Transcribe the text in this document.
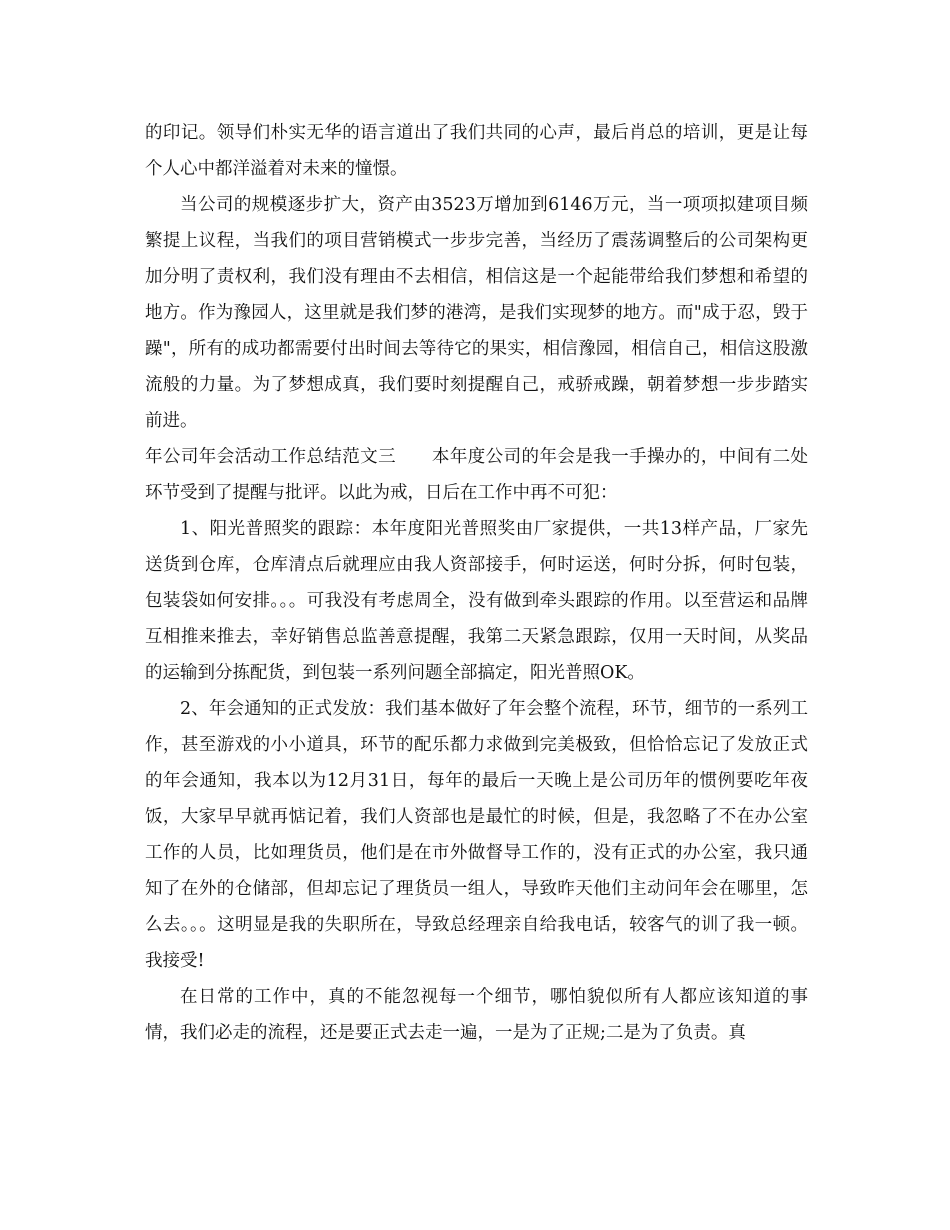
的印记。领导们朴实无华的语言道出了我们共同的心声，最后肖总的培训，更是让每个人心中都洋溢着对未来的憧憬。

当公司的规模逐步扩大，资产由3523万增加到6146万元，当一项项拟建项目频繁提上议程，当我们的项目营销模式一步步完善，当经历了震荡调整后的公司架构更加分明了责权利，我们没有理由不去相信，相信这是一个起能带给我们梦想和希望的地方。作为豫园人，这里就是我们梦的港湾，是我们实现梦的地方。而"成于忍，毁于躁"，所有的成功都需要付出时间去等待它的果实，相信豫园，相信自己，相信这股激流般的力量。为了梦想成真，我们要时刻提醒自己，戒骄戒躁，朝着梦想一步步踏实前进。

年公司年会活动工作总结范文三　　本年度公司的年会是我一手操办的，中间有二处环节受到了提醒与批评。以此为戒，日后在工作中再不可犯：

1、阳光普照奖的跟踪：本年度阳光普照奖由厂家提供，一共13样产品，厂家先送货到仓库，仓库清点后就理应由我人资部接手，何时运送，何时分拆，何时包装，包装袋如何安排。。。可我没有考虑周全，没有做到牵头跟踪的作用。以至营运和品牌互相推来推去，幸好销售总监善意提醒，我第二天紧急跟踪，仅用一天时间，从奖品的运输到分拣配货，到包装一系列问题全部搞定，阳光普照OK。

2、年会通知的正式发放：我们基本做好了年会整个流程，环节，细节的一系列工作，甚至游戏的小小道具，环节的配乐都力求做到完美极致，但恰恰忘记了发放正式的年会通知，我本以为12月31日，每年的最后一天晚上是公司历年的惯例要吃年夜饭，大家早早就再惦记着，我们人资部也是最忙的时候，但是，我忽略了不在办公室工作的人员，比如理货员，他们是在市外做督导工作的，没有正式的办公室，我只通知了在外的仓储部，但却忘记了理货员一组人，导致昨天他们主动问年会在哪里，怎么去。。。这明显是我的失职所在，导致总经理亲自给我电话，较客气的训了我一顿。我接受!

在日常的工作中，真的不能忽视每一个细节，哪怕貌似所有人都应该知道的事情，我们必走的流程，还是要正式去走一遍，一是为了正规;二是为了负责。真
